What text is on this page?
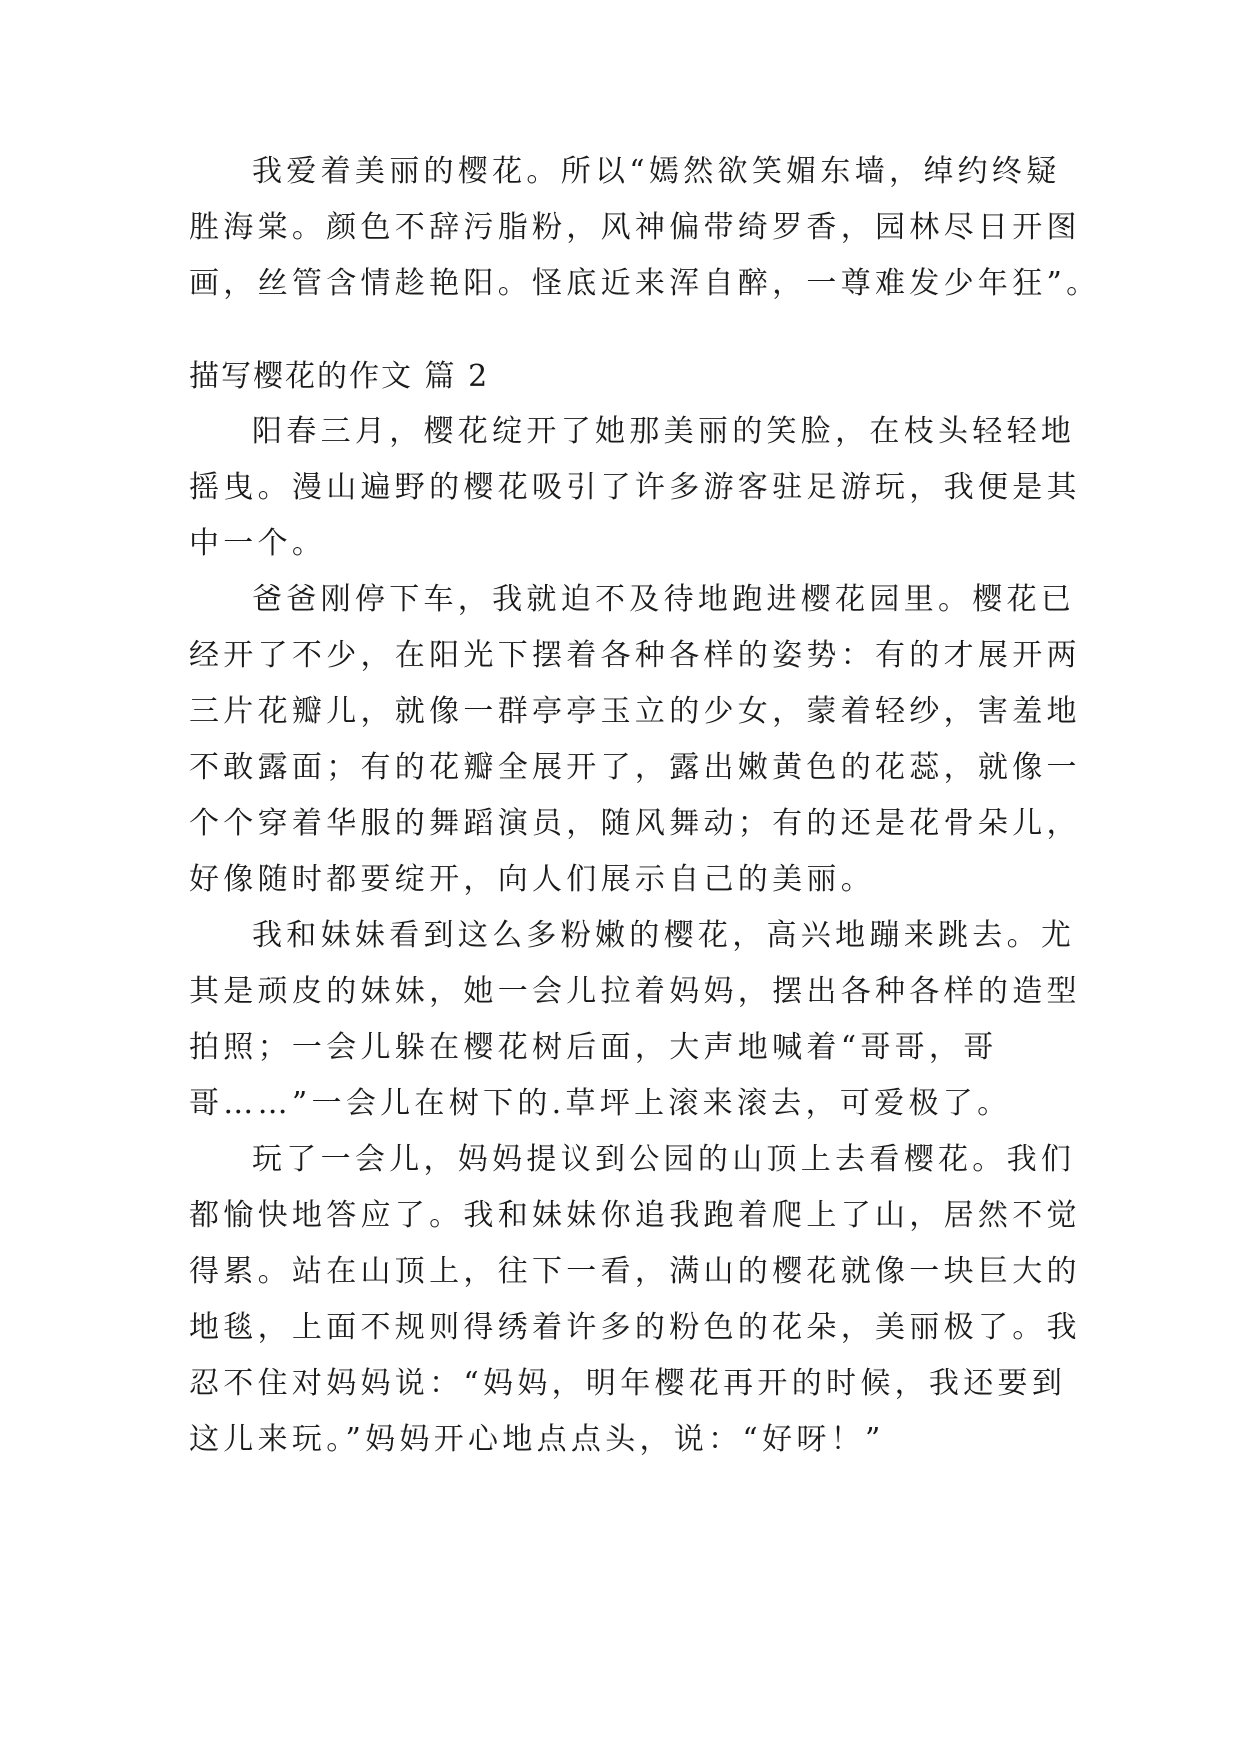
我爱着美丽的樱花。所以“嫣然欲笑媚东墙，绰约终疑
胜海棠。颜色不辞污脂粉，风神偏带绮罗香，园林尽日开图
画，丝管含情趁艳阳。怪底近来浑自醉，一尊难发少年狂”。
描写樱花的作文 篇 2
阳春三月，樱花绽开了她那美丽的笑脸，在枝头轻轻地
摇曳。漫山遍野的樱花吸引了许多游客驻足游玩，我便是其
中一个。
爸爸刚停下车，我就迫不及待地跑进樱花园里。樱花已
经开了不少，在阳光下摆着各种各样的姿势：有的才展开两
三片花瓣儿，就像一群亭亭玉立的少女，蒙着轻纱，害羞地
不敢露面；有的花瓣全展开了，露出嫩黄色的花蕊，就像一
个个穿着华服的舞蹈演员，随风舞动；有的还是花骨朵儿，
好像随时都要绽开，向人们展示自己的美丽。
我和妹妹看到这么多粉嫩的樱花，高兴地蹦来跳去。尤
其是顽皮的妹妹，她一会儿拉着妈妈，摆出各种各样的造型
拍照；一会儿躲在樱花树后面，大声地喊着“哥哥，哥
哥……”一会儿在树下的.草坪上滚来滚去，可爱极了。
玩了一会儿，妈妈提议到公园的山顶上去看樱花。我们
都愉快地答应了。我和妹妹你追我跑着爬上了山，居然不觉
得累。站在山顶上，往下一看，满山的樱花就像一块巨大的
地毯，上面不规则得绣着许多的粉色的花朵，美丽极了。我
忍不住对妈妈说：“妈妈，明年樱花再开的时候，我还要到
这儿来玩。”妈妈开心地点点头，说：“好呀！”
